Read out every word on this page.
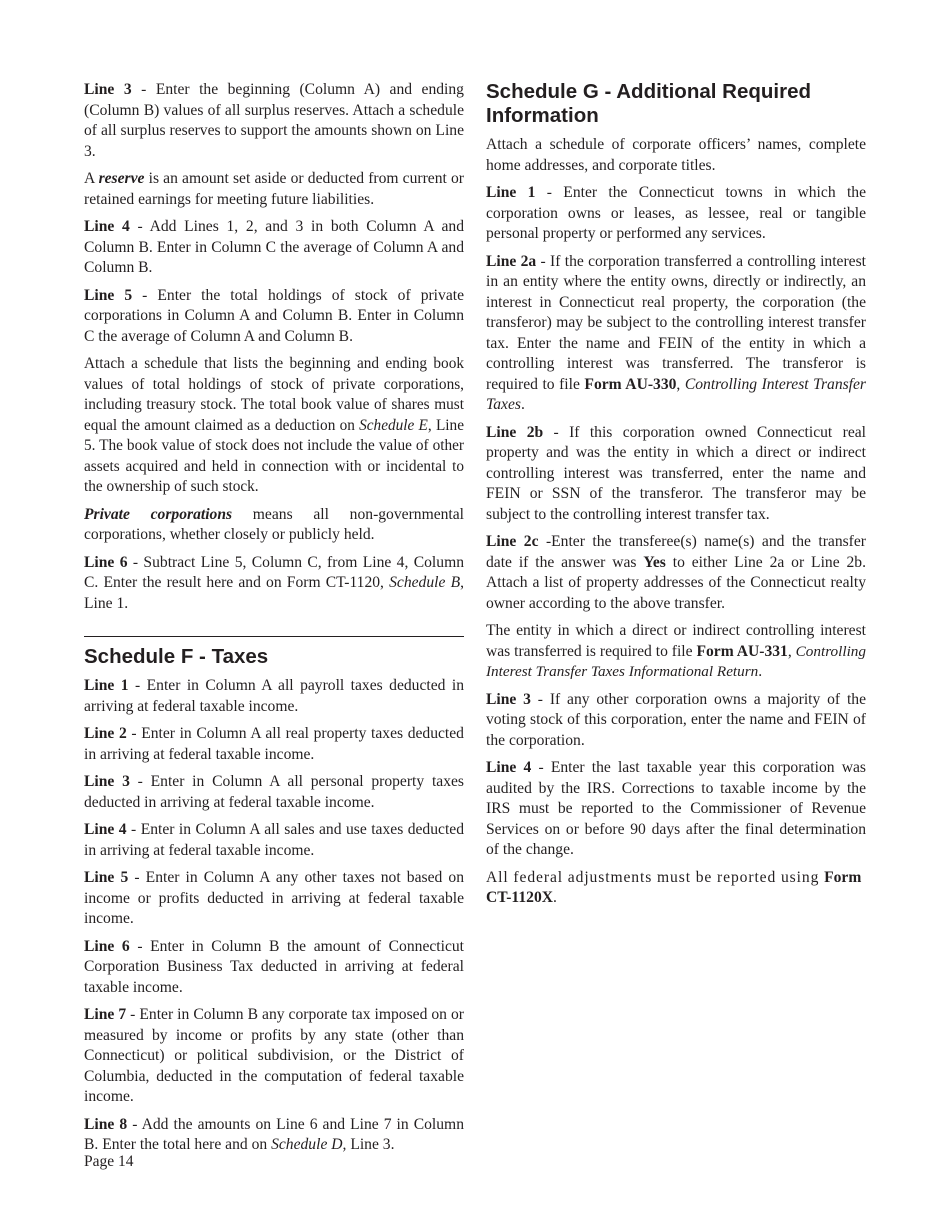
Line 3 - Enter the beginning (Column A) and ending (Column B) values of all surplus reserves. Attach a schedule of all surplus reserves to support the amounts shown on Line 3.

A reserve is an amount set aside or deducted from current or retained earnings for meeting future liabilities.

Line 4 - Add Lines 1, 2, and 3 in both Column A and Column B. Enter in Column C the average of Column A and Column B.

Line 5 - Enter the total holdings of stock of private corporations in Column A and Column B. Enter in Column C the average of Column A and Column B.

Attach a schedule that lists the beginning and ending book values of total holdings of stock of private corporations, including treasury stock. The total book value of shares must equal the amount claimed as a deduction on Schedule E, Line 5. The book value of stock does not include the value of other assets acquired and held in connection with or incidental to the ownership of such stock.

Private corporations means all non-governmental corporations, whether closely or publicly held.

Line 6 - Subtract Line 5, Column C, from Line 4, Column C. Enter the result here and on Form CT-1120, Schedule B, Line 1.

Schedule F - Taxes

Line 1 - Enter in Column A all payroll taxes deducted in arriving at federal taxable income.

Line 2 - Enter in Column A all real property taxes deducted in arriving at federal taxable income.

Line 3 - Enter in Column A all personal property taxes deducted in arriving at federal taxable income.

Line 4 - Enter in Column A all sales and use taxes deducted in arriving at federal taxable income.

Line 5 - Enter in Column A any other taxes not based on income or profits deducted in arriving at federal taxable income.

Line 6 - Enter in Column B the amount of Connecticut Corporation Business Tax deducted in arriving at federal taxable income.

Line 7 - Enter in Column B any corporate tax imposed on or measured by income or profits by any state (other than Connecticut) or political subdivision, or the District of Columbia, deducted in the computation of federal taxable income.

Line 8 - Add the amounts on Line 6 and Line 7 in Column B. Enter the total here and on Schedule D, Line 3.

Schedule G - Additional Required Information

Attach a schedule of corporate officers’ names, complete home addresses, and corporate titles.

Line 1 - Enter the Connecticut towns in which the corporation owns or leases, as lessee, real or tangible personal property or performed any services.

Line 2a - If the corporation transferred a controlling interest in an entity where the entity owns, directly or indirectly, an interest in Connecticut real property, the corporation (the transferor) may be subject to the controlling interest transfer tax. Enter the name and FEIN of the entity in which a controlling interest was transferred. The transferor is required to file Form AU-330, Controlling Interest Transfer Taxes.

Line 2b - If this corporation owned Connecticut real property and was the entity in which a direct or indirect controlling interest was transferred, enter the name and FEIN or SSN of the transferor. The transferor may be subject to the controlling interest transfer tax.

Line 2c -Enter the transferee(s) name(s) and the transfer date if the answer was Yes to either Line 2a or Line 2b. Attach a list of property addresses of the Connecticut realty owner according to the above transfer.

The entity in which a direct or indirect controlling interest was transferred is required to file Form AU-331, Controlling Interest Transfer Taxes Informational Return.

Line 3 - If any other corporation owns a majority of the voting stock of this corporation, enter the name and FEIN of the corporation.

Line 4 - Enter the last taxable year this corporation was audited by the IRS. Corrections to taxable income by the IRS must be reported to the Commissioner of Revenue Services on or before 90 days after the final determination of the change.

All federal adjustments must be reported using Form CT-1120X.

Page 14
